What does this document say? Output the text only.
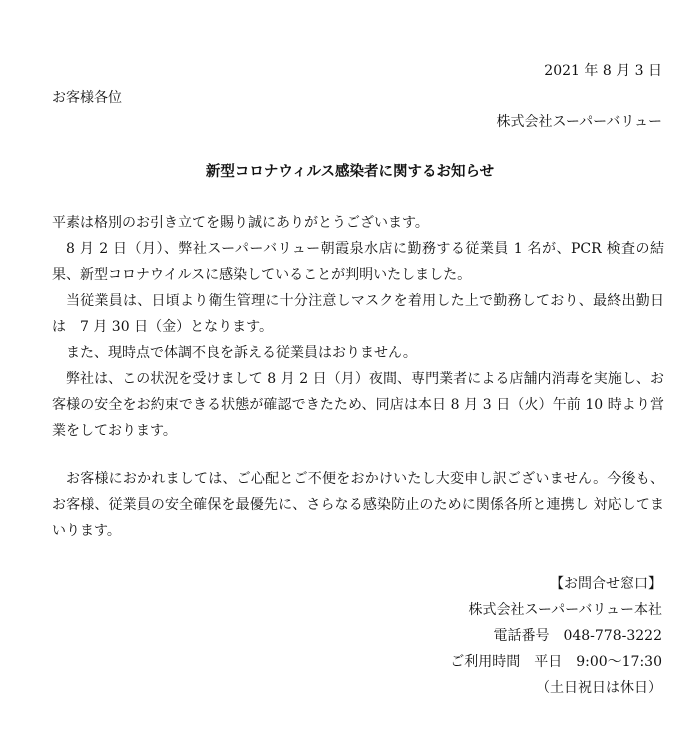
2021 年 8 月 3 日
お客様各位
株式会社スーパーバリュー
新型コロナウィルス感染者に関するお知らせ

平素は格別のお引き立てを賜り誠にありがとうございます。

8 月 2 日（月）、弊社スーパーバリュー朝霞泉水店に勤務する従業員 1 名が、PCR 検査の結果、新型コロナウイルスに感染していることが判明いたしました。

当従業員は、日頃より衛生管理に十分注意しマスクを着用した上で勤務しており、最終出勤日は　7 月 30 日（金）となります。

また、現時点で体調不良を訴える従業員はおりません。

弊社は、この状況を受けまして 8 月 2 日（月）夜間、専門業者による店舗内消毒を実施し、お客様の安全をお約束できる状態が確認できたため、同店は本日 8 月 3 日（火）午前 10 時より営業をしております。

お客様におかれましては、ご心配とご不便をおかけいたし大変申し訳ございません。今後も、お客様、従業員の安全確保を最優先に、さらなる感染防止のために関係各所と連携し 対応してまいります。

【お問合せ窓口】
株式会社スーパーバリュー本社
電話番号　048-778-3222
ご利用時間　平日　9:00～17:30
（土日祝日は休日）
